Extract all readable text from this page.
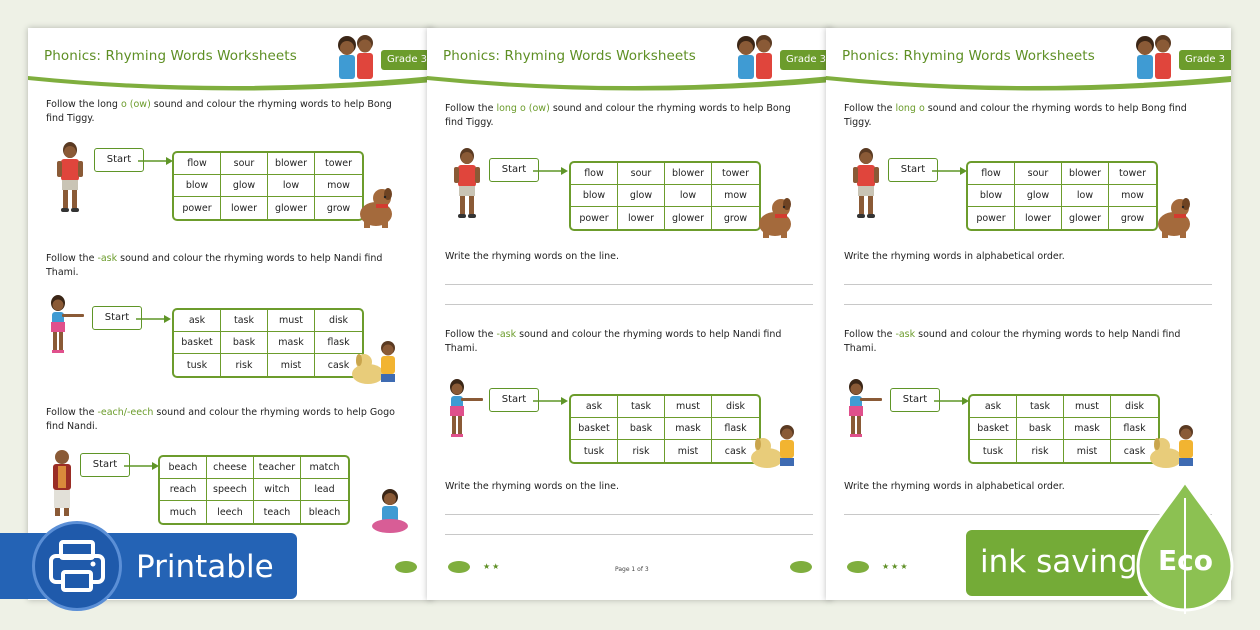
Phonics: Rhyming Words Worksheets	Grade 3
Follow the long o (ow) sound and colour the rhyming words to help Bong find Tiggy.
Start	flow	sour	blower	tower
blow	glow	low	mow
power	lower	glower	grow
Follow the -ask sound and colour the rhyming words to help Nandi find Thami.
Start	ask	task	must	disk
basket	bask	mask	flask
tusk	risk	mist	cask
Follow the -each/-eech sound and colour the rhyming words to help Gogo find Nandi.
Start	beach	cheese	teacher	match
reach	speech	witch	lead
much	leech	teach	bleach
Phonics: Rhyming Words Worksheets	Grade 3
Follow the long o (ow) sound and colour the rhyming words to help Bong find Tiggy.
Start	flow	sour	blower	tower
blow	glow	low	mow
power	lower	glower	grow
Write the rhyming words on the line.
Follow the -ask sound and colour the rhyming words to help Nandi find Thami.
Start
ask	task	must	disk
basket	bask	mask	flask
tusk	risk	mist	cask
Write the rhyming words on the line.
★★	Page 1 of 3
Phonics: Rhyming Words Worksheets	Grade 3
Follow the long o sound and colour the rhyming words to help Bong find Tiggy.
Start	flow	sour	blower	tower
blow	glow	low	mow
power	lower	glower	grow
Write the rhyming words in alphabetical order.
Follow the -ask sound and colour the rhyming words to help Nandi find Thami.
Start
ask	task	must	disk
basket	bask	mask	flask
tusk	risk	mist	cask
Write the rhyming words in alphabetical order.
★★★
Printable	ink saving Eco
